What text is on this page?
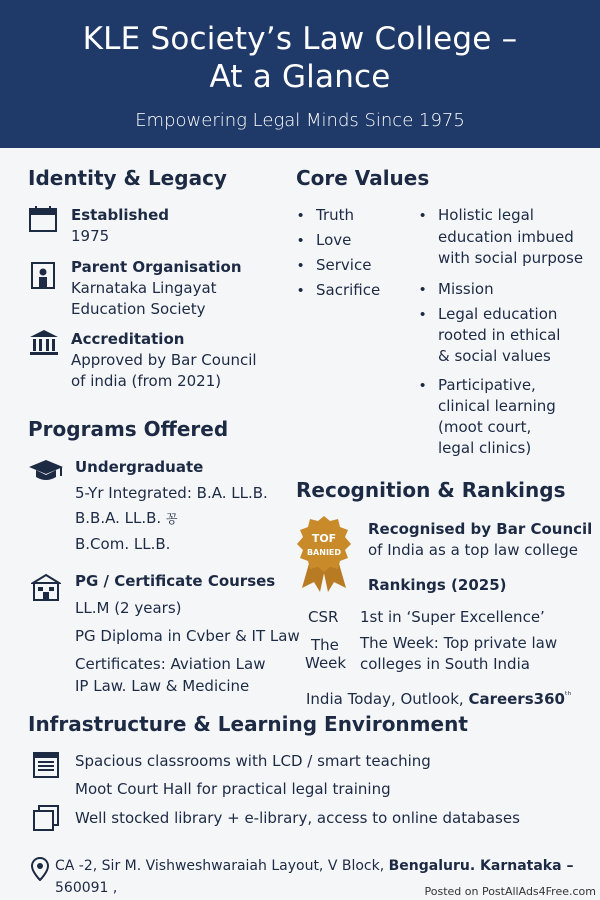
KLE Society’s Law College –
At a Glance
Empowering Legal Minds Since 1975
Identity & Legacy
Established
1975
Parent Organisation
Karnataka Lingayat
Education Society
Accreditation
Approved by Bar Council
of india (from 2021)
Core Values
• Truth
• Love
• Service
• Sacrifice
• Holistic legal
education imbued
with social purpose
• Mission
• Legal education
rooted in ethical
& social values
• Participative,
clinical learning
(moot court,
legal clinics)
Programs Offered
Undergraduate
5-Yr Integrated: B.A. LL.B.
B.B.A. LL.B. 꽁
B.Com. LL.B.
PG / Certificate Courses
LL.M (2 years)
PG Diploma in Cvber & IT Law
Certificates: Aviation Law
IP Law. Law & Medicine
Recognition & Rankings
TOF
BANIED
Recognised by Bar Council
of India as a top law college
Rankings (2025)
CSR 1st in ‘Super Excellence’
The
Week
The Week: Top private law
colleges in South India
India Today, Outlook, $Careers360^{ᵗʰ}$
Infrastructure & Learning Environment
Spacious classrooms with LCD / smart teaching
Moot Court Hall for practical legal training
Well stocked library + e-library, access to online databases
CA -2, Sir M. Vishweshwaraiah Layout, V Block, Bengaluru. Karnataka –
560091 ,	Posted on PostAllAds4Free.com
